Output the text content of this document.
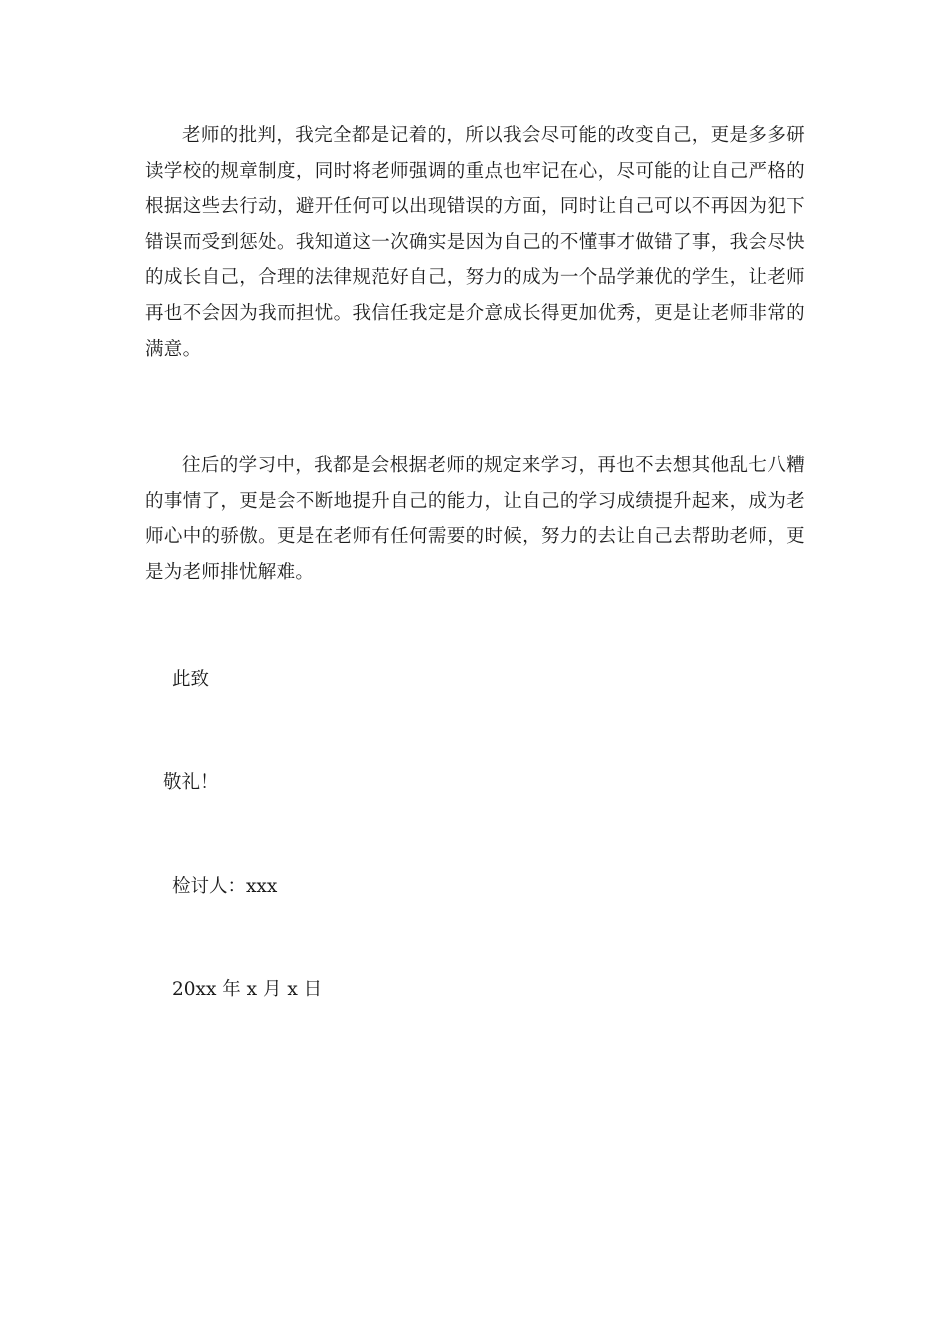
老师的批判，我完全都是记着的，所以我会尽可能的改变自己，更是多多研读学校的规章制度，同时将老师强调的重点也牢记在心，尽可能的让自己严格的根据这些去行动，避开任何可以出现错误的方面，同时让自己可以不再因为犯下错误而受到惩处。我知道这一次确实是因为自己的不懂事才做错了事，我会尽快的成长自己，合理的法律规范好自己，努力的成为一个品学兼优的学生，让老师再也不会因为我而担忧。我信任我定是介意成长得更加优秀，更是让老师非常的满意。

往后的学习中，我都是会根据老师的规定来学习，再也不去想其他乱七八糟的事情了，更是会不断地提升自己的能力，让自己的学习成绩提升起来，成为老师心中的骄傲。更是在老师有任何需要的时候，努力的去让自己去帮助老师，更是为老师排忧解难。

此致

敬礼！

检讨人：xxx

20xx 年 x 月 x 日
